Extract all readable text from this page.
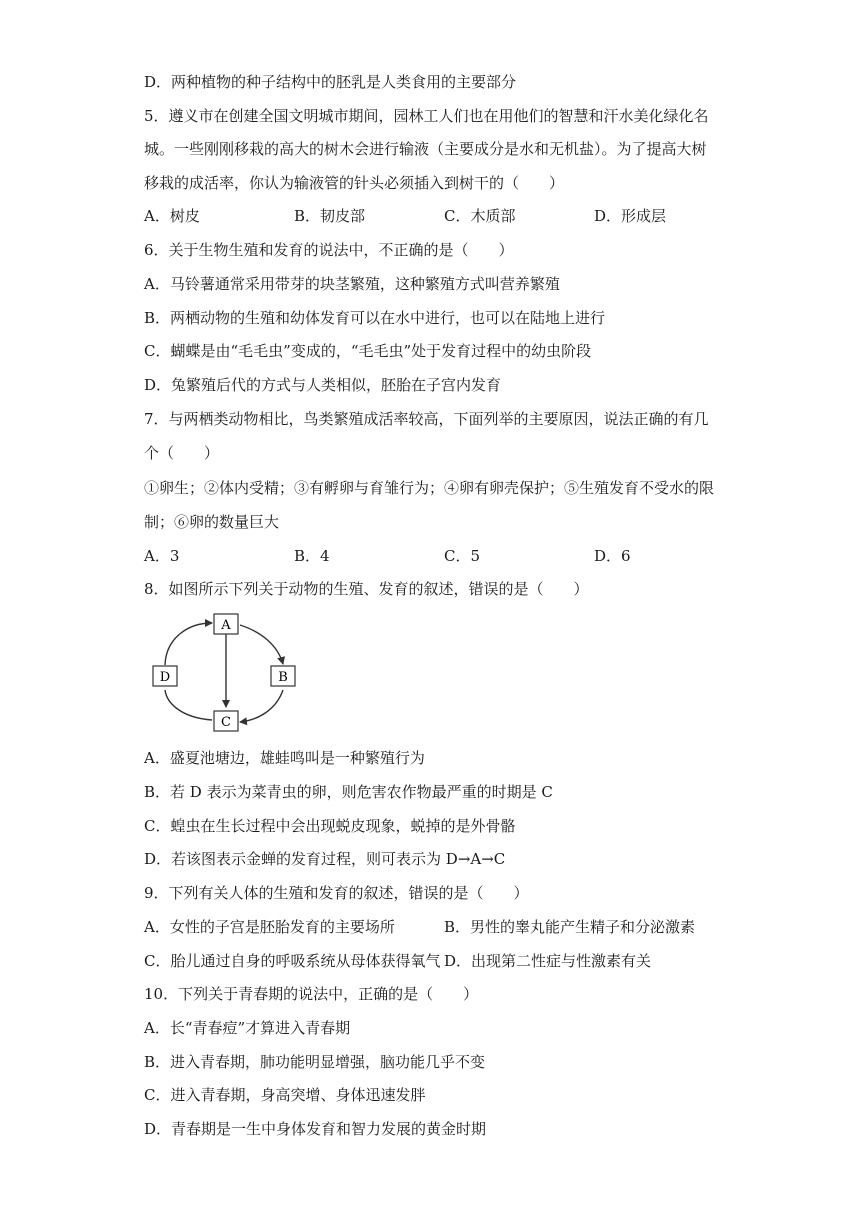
D．两种植物的种子结构中的胚乳是人类食用的主要部分
5．遵义市在创建全国文明城市期间，园林工人们也在用他们的智慧和汗水美化绿化名
城。一些刚刚移栽的高大的树木会进行输液（主要成分是水和无机盐）。为了提高大树
移栽的成活率，你认为输液管的针头必须插入到树干的（　　）
A．树皮	B．韧皮部	C．木质部	D．形成层
6．关于生物生殖和发育的说法中，不正确的是（　　）
A．马铃薯通常采用带芽的块茎繁殖，这种繁殖方式叫营养繁殖
B．两栖动物的生殖和幼体发育可以在水中进行，也可以在陆地上进行
C．蝴蝶是由“毛毛虫”变成的，“毛毛虫”处于发育过程中的幼虫阶段
D．兔繁殖后代的方式与人类相似，胚胎在子宫内发育
7．与两栖类动物相比，鸟类繁殖成活率较高，下面列举的主要原因，说法正确的有几
个（　　）
①卵生；②体内受精；③有孵卵与育雏行为；④卵有卵壳保护；⑤生殖发育不受水的限
制；⑥卵的数量巨大
A．3	B．4	C．5	D．6
8．如图所示下列关于动物的生殖、发育的叙述，错误的是（　　）
A
B
C
D
A．盛夏池塘边，雄蛙鸣叫是一种繁殖行为
B．若 D 表示为菜青虫的卵，则危害农作物最严重的时期是 C
C．蝗虫在生长过程中会出现蜕皮现象，蜕掉的是外骨骼
D．若该图表示金蝉的发育过程，则可表示为 D→A→C
9．下列有关人体的生殖和发育的叙述，错误的是（　　）
A．女性的子宫是胚胎发育的主要场所	B．男性的睾丸能产生精子和分泌激素
C．胎儿通过自身的呼吸系统从母体获得氧气 D．出现第二性症与性激素有关
10．下列关于青春期的说法中，正确的是（　　）
A．长“青春痘”才算进入青春期
B．进入青春期，肺功能明显增强，脑功能几乎不变
C．进入青春期，身高突增、身体迅速发胖
D．青春期是一生中身体发育和智力发展的黄金时期
